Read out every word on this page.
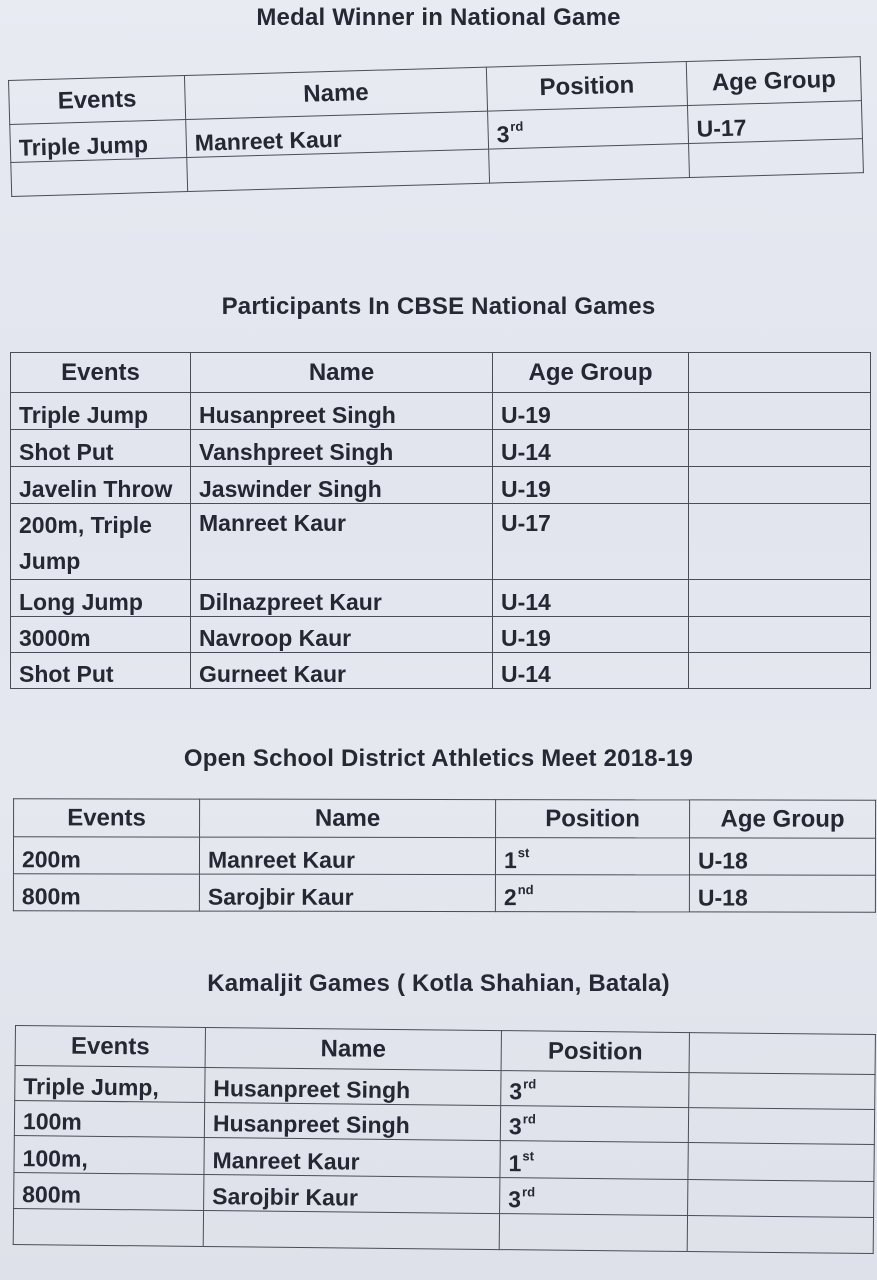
Medal Winner in National Game
Events	Name	Position	Age Group
Triple Jump	Manreet Kaur	3rd	U-17

Participants In CBSE National Games
Events	Name	Age Group	
Triple Jump	Husanpreet Singh	U-19	
Shot Put	Vanshpreet Singh	U-14	
Javelin Throw	Jaswinder Singh	U-19	
200m, Triple Jump	Manreet Kaur	U-17	
Long Jump	Dilnazpreet Kaur	U-14	
3000m	Navroop Kaur	U-19	
Shot Put	Gurneet Kaur	U-14	
Open School District Athletics Meet 2018-19
Events	Name	Position	Age Group
200m	Manreet Kaur	1st	U-18
800m	Sarojbir Kaur	2nd	U-18
Kamaljit Games ( Kotla Shahian, Batala)
Events	Name	Position	
Triple Jump,	Husanpreet Singh	3rd	
100m	Husanpreet Singh	3rd	
100m,	Manreet Kaur	1st	
800m	Sarojbir Kaur	3rd	
